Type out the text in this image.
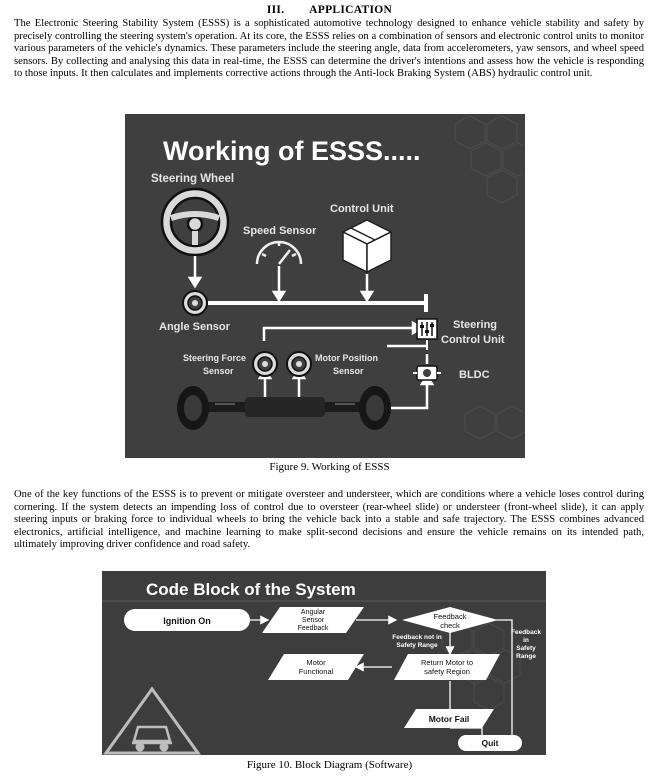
III. APPLICATION

The Electronic Steering Stability System (ESSS) is a sophisticated automotive technology designed to enhance vehicle stability and safety by precisely controlling the steering system's operation. At its core, the ESSS relies on a combination of sensors and electronic control units to monitor various parameters of the vehicle's dynamics. These parameters include the steering angle, data from accelerometers, yaw sensors, and wheel speed sensors. By collecting and analysing this data in real-time, the ESSS can determine the driver's intentions and assess how the vehicle is responding to those inputs. It then calculates and implements corrective actions through the Anti-lock Braking System (ABS) hydraulic control unit.

Working of ESSS.....
Steering Wheel
Speed Sensor
Control Unit
Angle Sensor	Steering
Control Unit
BLDC
Steering Force
Sensor
Motor Position
Sensor
Figure 9. Working of ESSS

One of the key functions of the ESSS is to prevent or mitigate oversteer and understeer, which are conditions where a vehicle loses control during cornering. If the system detects an impending loss of control due to oversteer (rear-wheel slide) or understeer (front-wheel slide), it can apply steering inputs or braking force to individual wheels to bring the vehicle back into a stable and safe trajectory. The ESSS combines advanced electronics, artificial intelligence, and machine learning to make split-second decisions and ensure the vehicle remains on its intended path, ultimately improving driver confidence and road safety.

Code Block of the System
Ignition On
Angular
Sensor
Feedback
Feedback
check
Feedback not in
Safety Range
Feedback
in
Safety
Range
Motor
Functional
Return Motor to
safety Region
Motor Fail
Quit
Figure 10. Block Diagram (Software)
